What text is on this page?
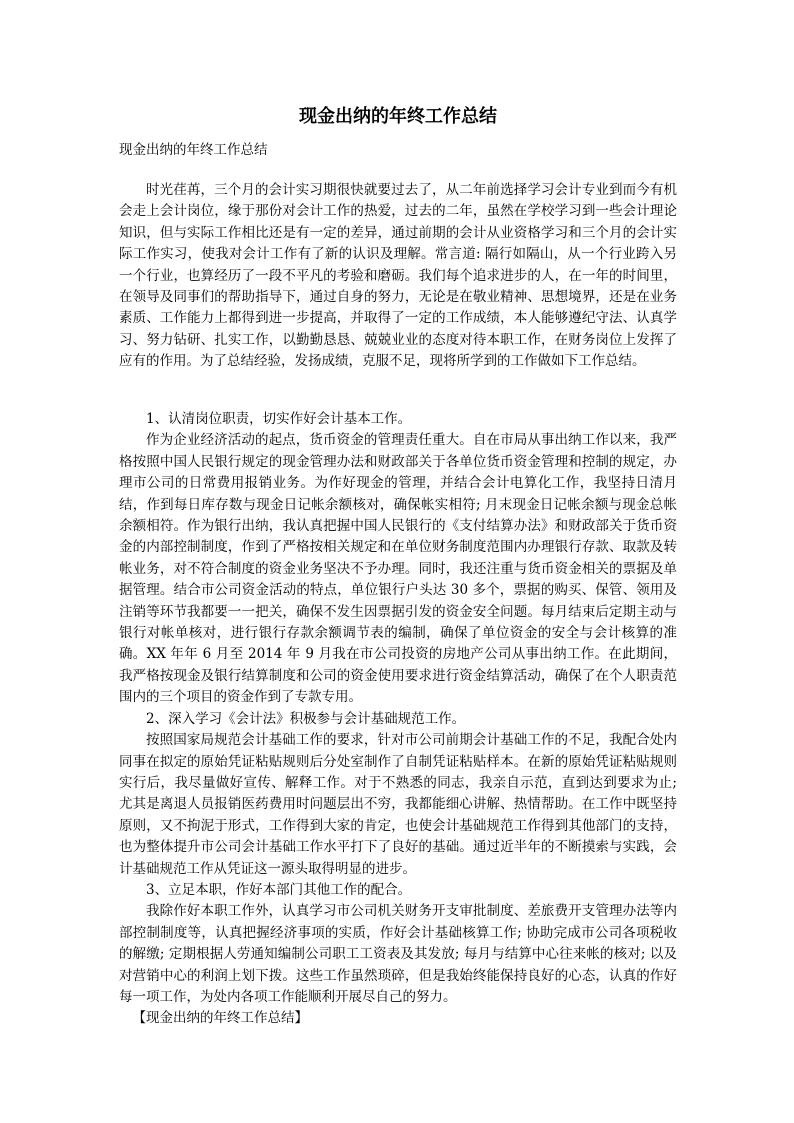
现金出纳的年终工作总结

现金出纳的年终工作总结

时光荏苒，三个月的会计实习期很快就要过去了，从二年前选择学习会计专业到而今有机会走上会计岗位，缘于那份对会计工作的热爱，过去的二年，虽然在学校学习到一些会计理论知识，但与实际工作相比还是有一定的差异，通过前期的会计从业资格学习和三个月的会计实际工作实习，使我对会计工作有了新的认识及理解。常言道: 隔行如隔山，从一个行业跨入另一个行业，也算经历了一段不平凡的考验和磨砺。我们每个追求进步的人，在一年的时间里，在领导及同事们的帮助指导下，通过自身的努力，无论是在敬业精神、思想境界，还是在业务素质、工作能力上都得到进一步提高，并取得了一定的工作成绩，本人能够遵纪守法、认真学习、努力钻研、扎实工作，以勤勤恳恳、兢兢业业的态度对待本职工作，在财务岗位上发挥了应有的作用。为了总结经验，发扬成绩，克服不足，现将所学到的工作做如下工作总结。

1、认清岗位职责，切实作好会计基本工作。

作为企业经济活动的起点，货币资金的管理责任重大。自在市局从事出纳工作以来，我严格按照中国人民银行规定的现金管理办法和财政部关于各单位货币资金管理和控制的规定，办理市公司的日常费用报销业务。为作好现金的管理，并结合会计电算化工作，我坚持日清月结，作到每日库存数与现金日记帐余额核对，确保帐实相符; 月末现金日记帐余额与现金总帐余额相符。作为银行出纳，我认真把握中国人民银行的《支付结算办法》和财政部关于货币资金的内部控制制度，作到了严格按相关规定和在单位财务制度范围内办理银行存款、取款及转帐业务，对不符合制度的资金业务坚决不予办理。同时，我还注重与货币资金相关的票据及单据管理。结合市公司资金活动的特点，单位银行户头达 30 多个，票据的购买、保管、领用及注销等环节我都要一一把关，确保不发生因票据引发的资金安全问题。每月结束后定期主动与银行对帐单核对，进行银行存款余额调节表的编制，确保了单位资金的安全与会计核算的准确。XX 年年 6 月至 2014 年 9 月我在市公司投资的房地产公司从事出纳工作。在此期间，我严格按现金及银行结算制度和公司的资金使用要求进行资金结算活动，确保了在个人职责范围内的三个项目的资金作到了专款专用。

2、深入学习《会计法》积极参与会计基础规范工作。

按照国家局规范会计基础工作的要求，针对市公司前期会计基础工作的不足，我配合处内同事在拟定的原始凭证粘贴规则后分处室制作了自制凭证粘贴样本。在新的原始凭证粘贴规则实行后，我尽量做好宣传、解释工作。对于不熟悉的同志，我亲自示范，直到达到要求为止; 尤其是离退人员报销医药费用时问题层出不穷，我都能细心讲解、热情帮助。在工作中既坚持原则，又不拘泥于形式，工作得到大家的肯定，也使会计基础规范工作得到其他部门的支持，也为整体提升市公司会计基础工作水平打下了良好的基础。通过近半年的不断摸索与实践，会计基础规范工作从凭证这一源头取得明显的进步。

3、立足本职，作好本部门其他工作的配合。

我除作好本职工作外，认真学习市公司机关财务开支审批制度、差旅费开支管理办法等内部控制制度等，认真把握经济事项的实质，作好会计基础核算工作; 协助完成市公司各项税收的解缴; 定期根据人劳通知编制公司职工工资表及其发放; 每月与结算中心往来帐的核对; 以及对营销中心的利润上划下拨。这些工作虽然琐碎，但是我始终能保持良好的心态，认真的作好每一项工作，为处内各项工作能顺利开展尽自己的努力。

【现金出纳的年终工作总结】
